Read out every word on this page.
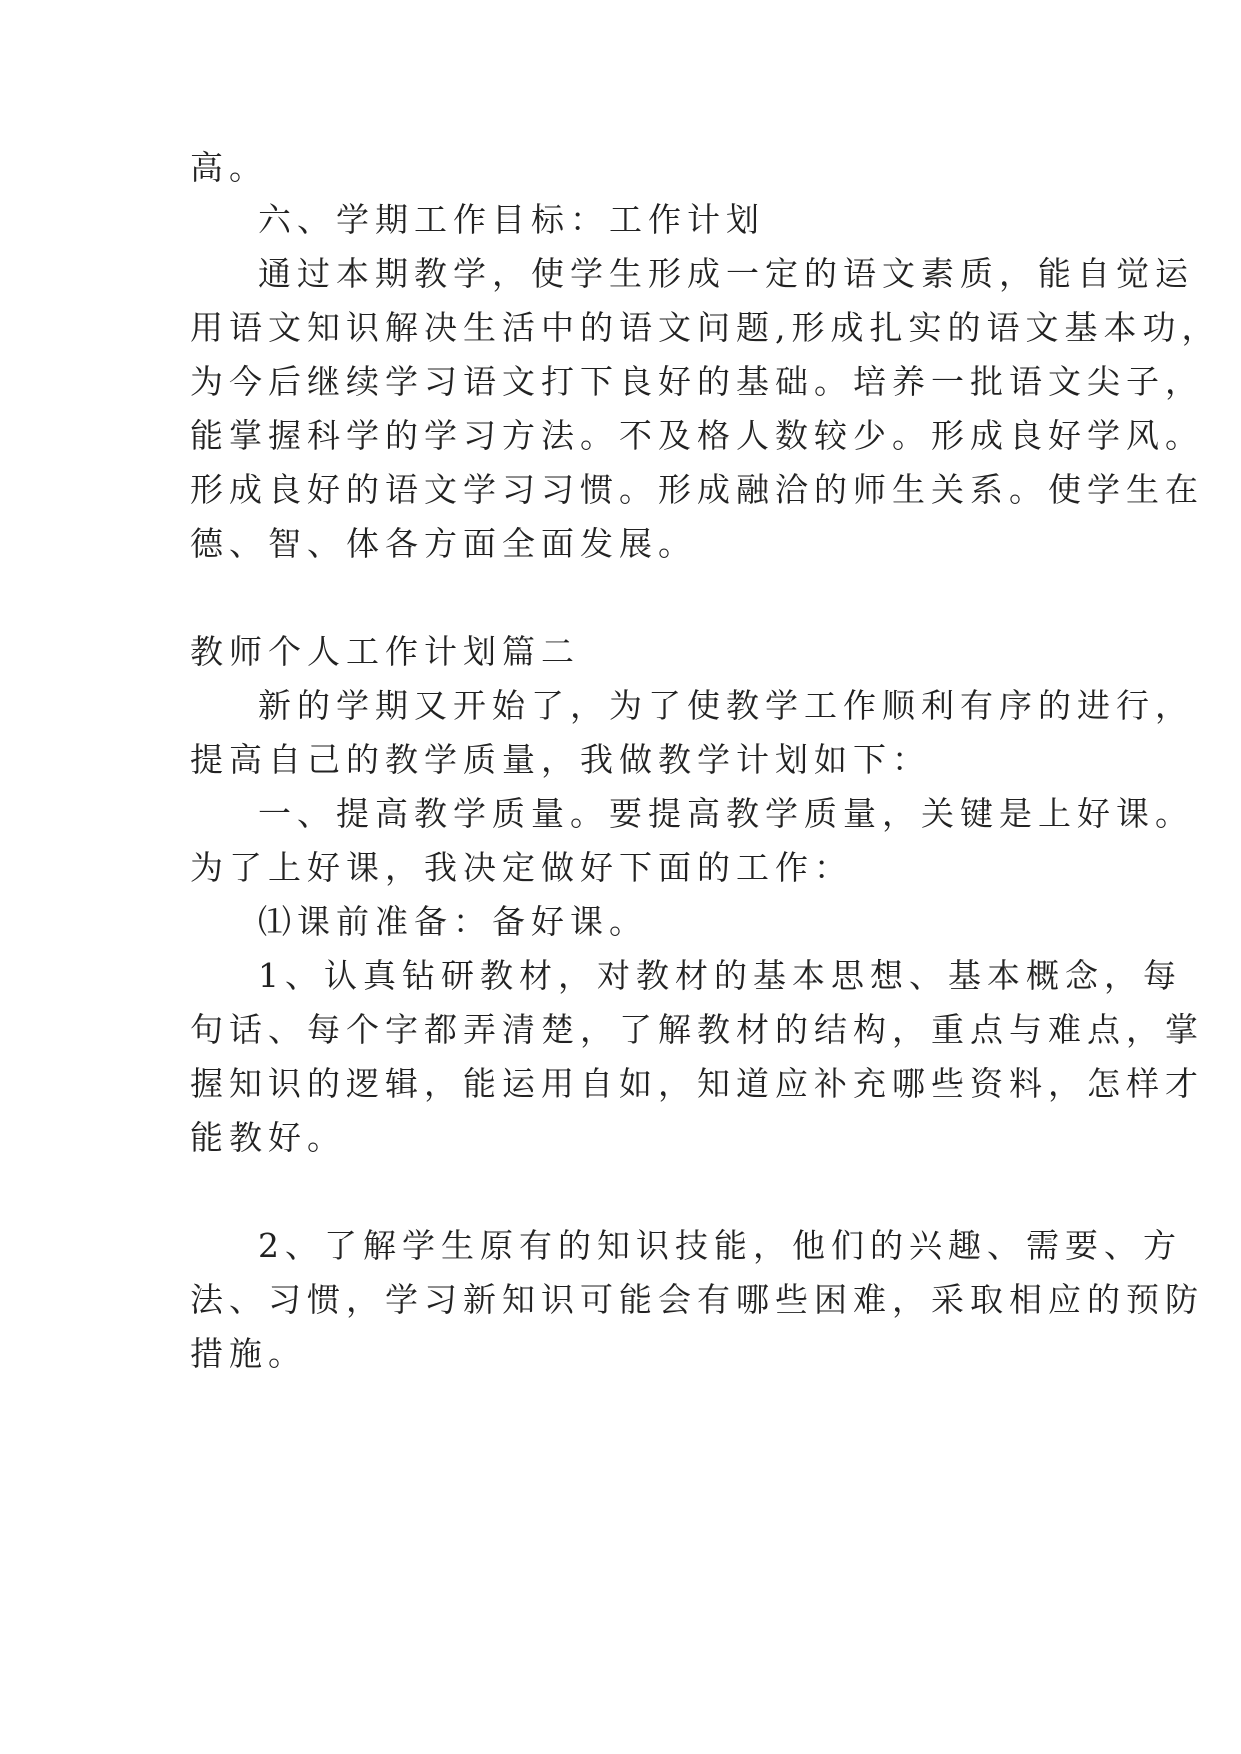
高。

六、学期工作目标：工作计划

通过本期教学，使学生形成一定的语文素质，能自觉运

用语文知识解决生活中的语文问题,形成扎实的语文基本功，

为今后继续学习语文打下良好的基础。培养一批语文尖子，

能掌握科学的学习方法。不及格人数较少。形成良好学风。

形成良好的语文学习习惯。形成融洽的师生关系。使学生在

德、智、体各方面全面发展。

教师个人工作计划篇二

新的学期又开始了，为了使教学工作顺利有序的进行，

提高自己的教学质量，我做教学计划如下：

一、提高教学质量。要提高教学质量，关键是上好课。

为了上好课，我决定做好下面的工作：

⑴课前准备：备好课。

1、认真钻研教材，对教材的基本思想、基本概念，每

句话、每个字都弄清楚，了解教材的结构，重点与难点，掌

握知识的逻辑，能运用自如，知道应补充哪些资料，怎样才

能教好。

2、了解学生原有的知识技能，他们的兴趣、需要、方

法、习惯，学习新知识可能会有哪些困难，采取相应的预防

措施。
